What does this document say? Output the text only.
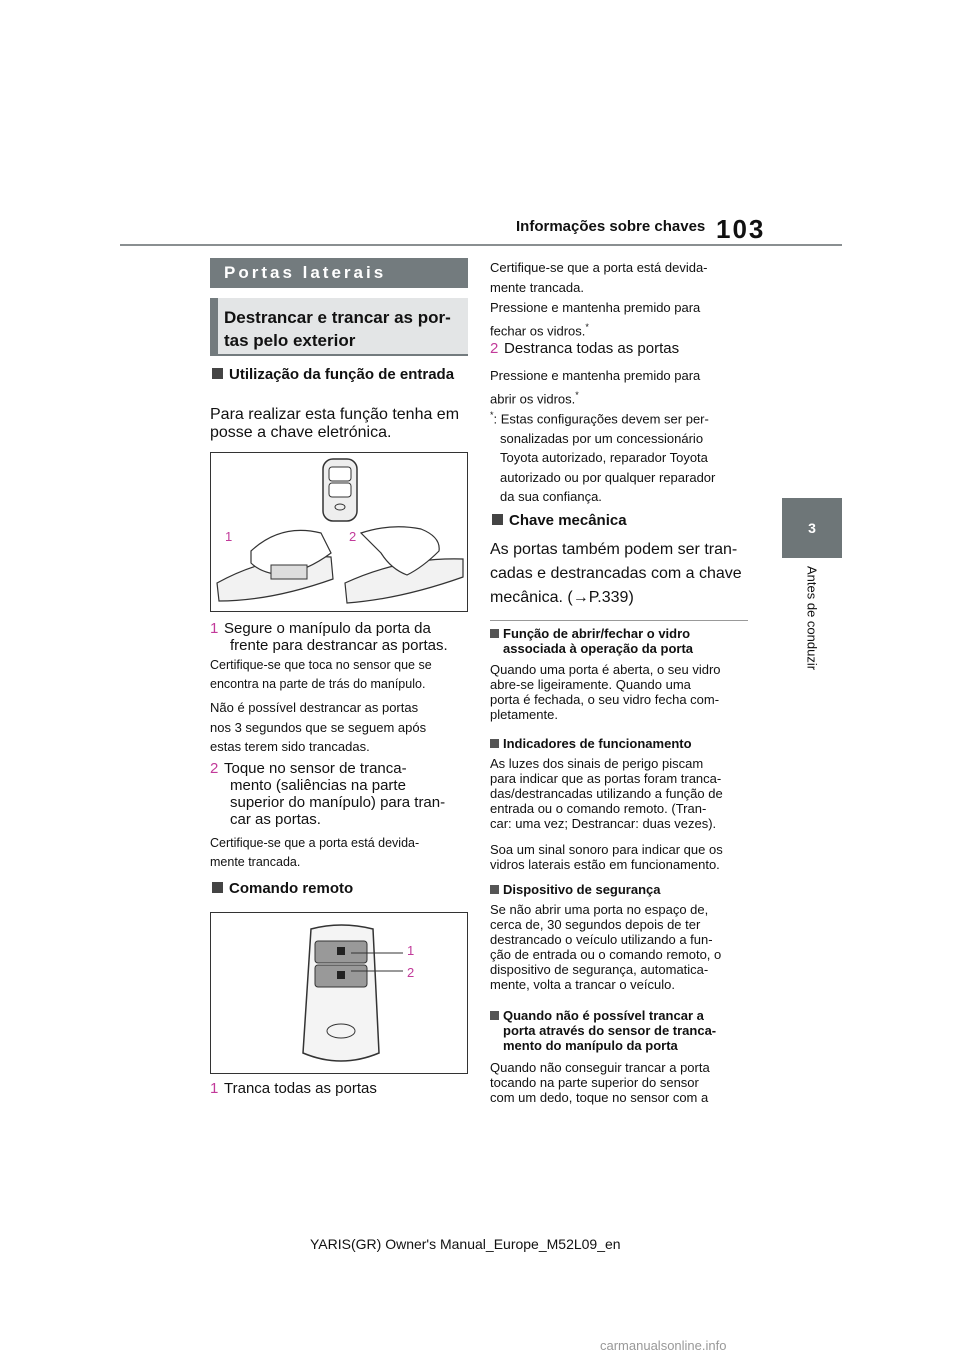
Informações sobre chaves 103
3
Antes de conduzir
Portas laterais
Destrancar e trancar as por-
tas pelo exterior
Utilização da função de entrada
Para realizar esta função tenha em
posse a chave eletrónica.
1	2
1 Segure o manípulo da porta da
frente para destrancar as portas.
Certifique-se que toca no sensor que se
encontra na parte de trás do manípulo.
Não é possível destrancar as portas
nos 3 segundos que se seguem após
estas terem sido trancadas.
2 Toque no sensor de tranca-
mento (saliências na parte
superior do manípulo) para tran-
car as portas.
Certifique-se que a porta está devida-
mente trancada.
Comando remoto
1
2
1 Tranca todas as portas
Certifique-se que a porta está devida-
mente trancada.
Pressione e mantenha premido para
fechar os vidros.*
2 Destranca todas as portas
Pressione e mantenha premido para
abrir os vidros.*
*: Estas configurações devem ser per-
sonalizadas por um concessionário
Toyota autorizado, reparador Toyota
autorizado ou por qualquer reparador
da sua confiança.
Chave mecânica
As portas também podem ser tran-
cadas e destrancadas com a chave
mecânica. (→P.339)
Função de abrir/fechar o vidro
associada à operação da porta
Quando uma porta é aberta, o seu vidro
abre-se ligeiramente. Quando uma
porta é fechada, o seu vidro fecha com-
pletamente.
Indicadores de funcionamento
As luzes dos sinais de perigo piscam
para indicar que as portas foram tranca-
das/destrancadas utilizando a função de
entrada ou o comando remoto. (Tran-
car: uma vez; Destrancar: duas vezes).
Soa um sinal sonoro para indicar que os
vidros laterais estão em funcionamento.
Dispositivo de segurança
Se não abrir uma porta no espaço de,
cerca de, 30 segundos depois de ter
destrancado o veículo utilizando a fun-
ção de entrada ou o comando remoto, o
dispositivo de segurança, automatica-
mente, volta a trancar o veículo.
Quando não é possível trancar a
porta através do sensor de tranca-
mento do manípulo da porta
Quando não conseguir trancar a porta
tocando na parte superior do sensor
com um dedo, toque no sensor com a
YARIS(GR) Owner's Manual_Europe_M52L09_en
carmanualsonline.info
